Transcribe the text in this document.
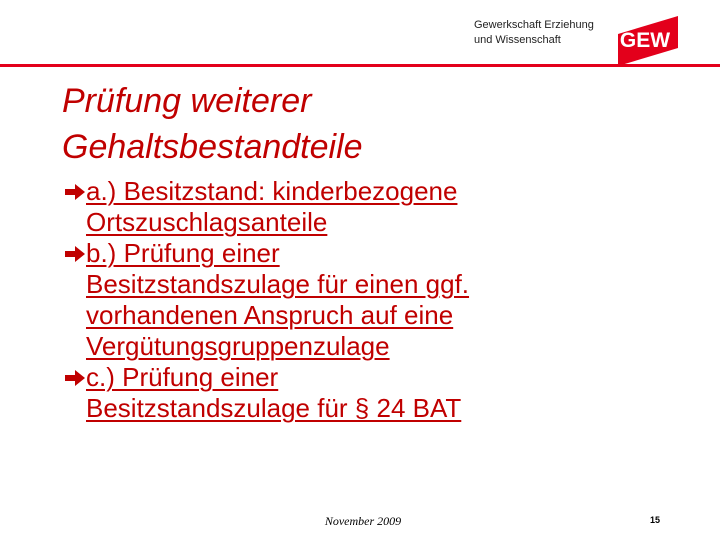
Gewerkschaft Erziehung
und Wissenschaft	GEW
Prüfung weiterer
Gehaltsbestandteile
a.) Besitzstand: kinderbezogene
Ortszuschlagsanteile
b.) Prüfung einer
Besitzstandszulage für einen ggf.
vorhandenen Anspruch auf eine
Vergütungsgruppenzulage
c.) Prüfung einer
Besitzstandszulage für § 24 BAT
November 2009	15
